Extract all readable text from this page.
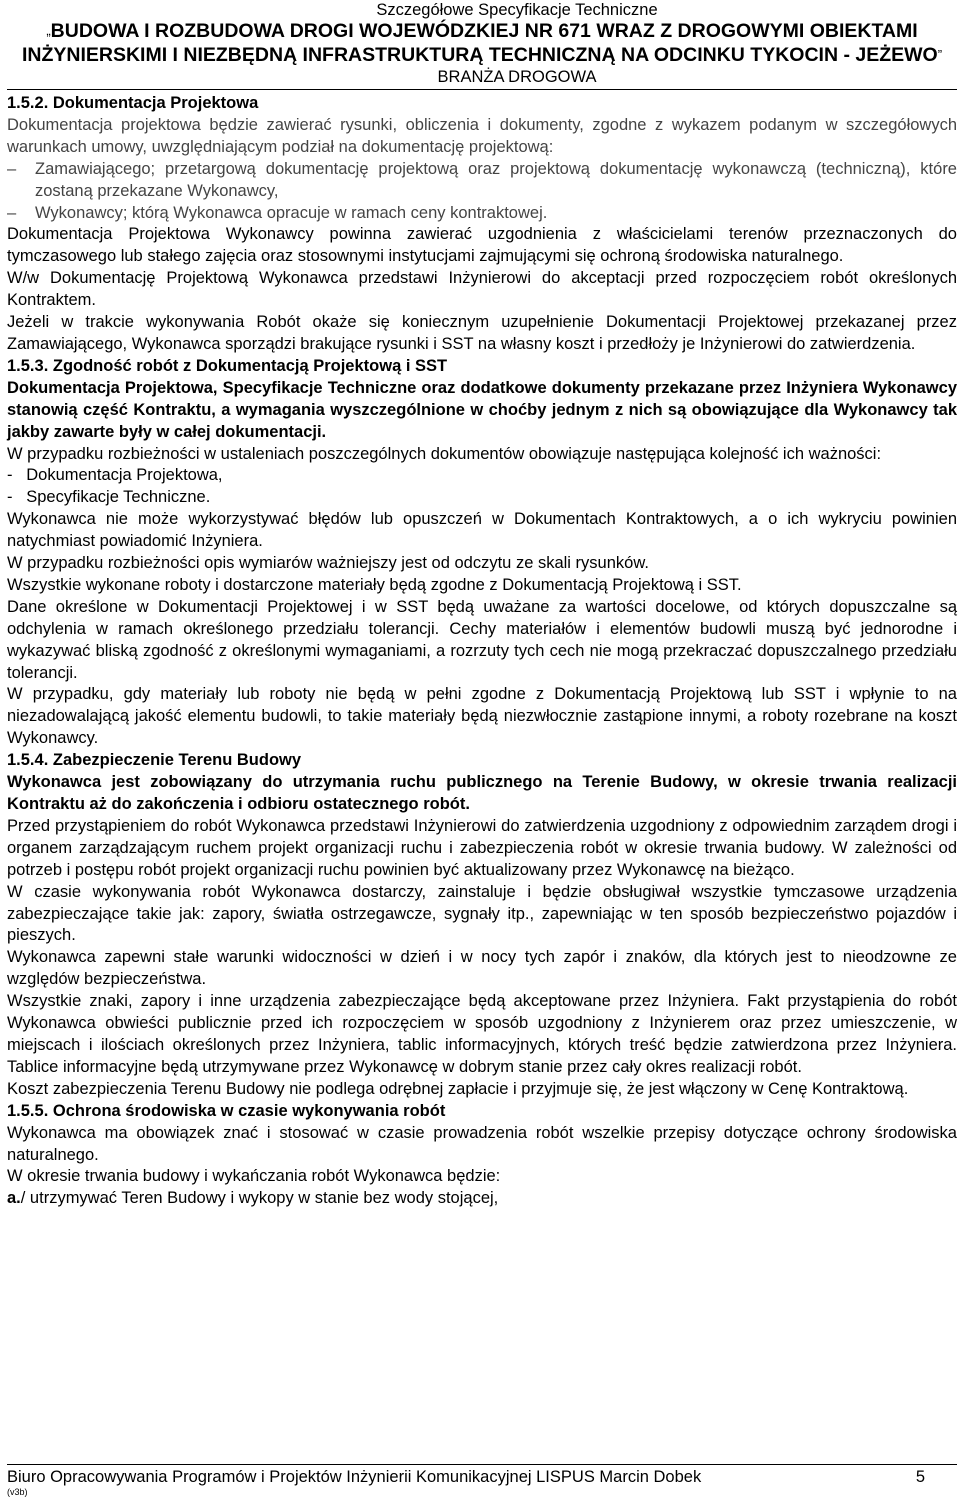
Szczegółowe Specyfikacje Techniczne
„BUDOWA I ROZBUDOWA DROGI WOJEWÓDZKIEJ NR 671 WRAZ Z DROGOWYMI OBIEKTAMI INŻYNIERSKIMI I NIEZBĘDNĄ INFRASTRUKTURĄ TECHNICZNĄ NA ODCINKU TYKOCIN - JEŻEWO”
BRANŻA DROGOWA

1.5.2. Dokumentacja Projektowa

Dokumentacja projektowa będzie zawierać rysunki, obliczenia i dokumenty, zgodne z wykazem podanym w szczegółowych warunkach umowy, uwzględniającym podział na dokumentację projektową:

–	Zamawiającego; przetargową dokumentację projektową oraz projektową dokumentację wykonawczą (techniczną), które zostaną przekazane Wykonawcy,
–	Wykonawcy; którą Wykonawca opracuje w ramach ceny kontraktowej.

Dokumentacja Projektowa Wykonawcy powinna zawierać uzgodnienia z właścicielami terenów przeznaczonych do tymczasowego lub stałego zajęcia oraz stosownymi instytucjami zajmującymi się ochroną środowiska naturalnego.

W/w Dokumentację Projektową Wykonawca przedstawi Inżynierowi do akceptacji przed rozpoczęciem robót określonych Kontraktem.

Jeżeli w trakcie wykonywania Robót okaże się koniecznym uzupełnienie Dokumentacji Projektowej przekazanej przez Zamawiającego, Wykonawca sporządzi brakujące rysunki i SST na własny koszt i przedłoży je Inżynierowi do zatwierdzenia.

1.5.3. Zgodność robót z Dokumentacją Projektową i SST

Dokumentacja Projektowa, Specyfikacje Techniczne oraz dodatkowe dokumenty przekazane przez Inżyniera Wykonawcy stanowią część Kontraktu, a wymagania wyszczególnione w choćby jednym z nich są obowiązujące dla Wykonawcy tak jakby zawarte były w całej dokumentacji.

W przypadku rozbieżności w ustaleniach poszczególnych dokumentów obowiązuje następująca kolejność ich ważności:

-   Dokumentacja Projektowa,

-   Specyfikacje Techniczne.

Wykonawca nie może wykorzystywać błędów lub opuszczeń w Dokumentach Kontraktowych, a o ich wykryciu powinien natychmiast powiadomić Inżyniera.

W przypadku rozbieżności opis wymiarów ważniejszy jest od odczytu ze skali rysunków.

Wszystkie wykonane roboty i dostarczone materiały będą zgodne z Dokumentacją Projektową i SST.

Dane określone w Dokumentacji Projektowej i w SST będą uważane za wartości docelowe, od których dopuszczalne są odchylenia w ramach określonego przedziału tolerancji. Cechy materiałów i elementów budowli muszą być jednorodne i wykazywać bliską zgodność z określonymi wymaganiami, a rozrzuty tych cech nie mogą przekraczać dopuszczalnego przedziału tolerancji.

W przypadku, gdy materiały lub roboty nie będą w pełni zgodne z Dokumentacją Projektową lub SST i wpłynie to na niezadowalającą jakość elementu budowli, to takie materiały będą niezwłocznie zastąpione innymi, a roboty rozebrane na koszt Wykonawcy.

1.5.4. Zabezpieczenie Terenu Budowy

Wykonawca jest zobowiązany do utrzymania ruchu publicznego na Terenie Budowy, w okresie trwania realizacji Kontraktu aż do zakończenia i odbioru ostatecznego robót.

Przed przystąpieniem do robót Wykonawca przedstawi Inżynierowi do zatwierdzenia uzgodniony z odpowiednim zarządem drogi i organem zarządzającym ruchem projekt organizacji ruchu i zabezpieczenia robót w okresie trwania budowy. W zależności od potrzeb i postępu robót projekt organizacji ruchu powinien być aktualizowany przez Wykonawcę na bieżąco.

W czasie wykonywania robót Wykonawca dostarczy, zainstaluje i będzie obsługiwał wszystkie tymczasowe urządzenia zabezpieczające takie jak: zapory, światła ostrzegawcze, sygnały itp., zapewniając w ten sposób bezpieczeństwo pojazdów i pieszych.

Wykonawca zapewni stałe warunki widoczności w dzień i w nocy tych zapór i znaków, dla których jest to nieodzowne ze względów bezpieczeństwa.

Wszystkie znaki, zapory i inne urządzenia zabezpieczające będą akceptowane przez Inżyniera. Fakt przystąpienia do robót Wykonawca obwieści publicznie przed ich rozpoczęciem w sposób uzgodniony z Inżynierem oraz przez umieszczenie, w miejscach i ilościach określonych przez Inżyniera, tablic informacyjnych, których treść będzie zatwierdzona przez Inżyniera. Tablice informacyjne będą utrzymywane przez Wykonawcę w dobrym stanie przez cały okres realizacji robót.

Koszt zabezpieczenia Terenu Budowy nie podlega odrębnej zapłacie i przyjmuje się, że jest włączony w Cenę Kontraktową.

1.5.5. Ochrona środowiska w czasie wykonywania robót

Wykonawca ma obowiązek znać i stosować w czasie prowadzenia robót wszelkie przepisy dotyczące ochrony środowiska naturalnego.

W okresie trwania budowy i wykańczania robót Wykonawca będzie:

a./ utrzymywać Teren Budowy i wykopy w stanie bez wody stojącej,

Biuro Opracowywania Programów i Projektów Inżynierii Komunikacyjnej LISPUS Marcin Dobek	5
(v3b)
